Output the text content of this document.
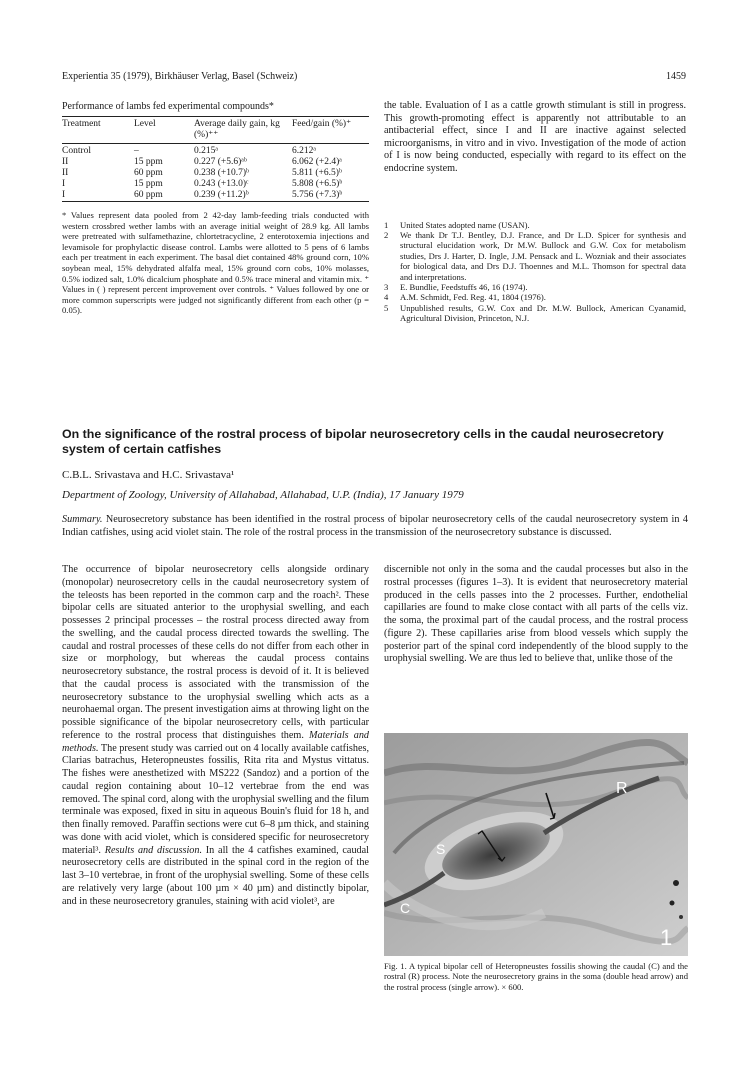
Experientia 35 (1979), Birkhäuser Verlag, Basel (Schweiz)	1459
Performance of lambs fed experimental compounds*
Treatment	Level	Average daily gain, kg (%)⁺⁺	Feed/gain (%)⁺
Control	–	0.215ᵃ	6.212ᵃ
II	15 ppm	0.227 (+5.6)ᵃᵇ	6.062 (+2.4)ᵃ
II	60 ppm	0.238 (+10.7)ᵇ	5.811 (+6.5)ᵇ
I	15 ppm	0.243 (+13.0)ᶜ	5.808 (+6.5)ᵇ
I	60 ppm	0.239 (+11.2)ᵇ	5.756 (+7.3)ᵇ
* Values represent data pooled from 2 42-day lamb-feeding trials conducted with western crossbred wether lambs with an average initial weight of 28.9 kg. All lambs were pretreated with sulfamethazine, chlortetracycline, 2 enterotoxemia injections and levamisole for prophylactic disease control. Lambs were allotted to 5 pens of 6 lambs each per treatment in each experiment. The basal diet contained 48% ground corn, 10% soybean meal, 15% dehydrated alfalfa meal, 15% ground corn cobs, 10% molasses, 0.5% iodized salt, 1.0% dicalcium phosphate and 0.5% trace mineral and vitamin mix. ⁺ Values in ( ) represent percent improvement over controls. ⁺ Values followed by one or more common superscripts were judged not significantly different from each other (p = 0.05).

the table. Evaluation of I as a cattle growth stimulant is still in progress. This growth-promoting effect is apparently not attributable to an antibacterial effect, since I and II are inactive against selected microorganisms, in vitro and in vivo. Investigation of the mode of action of I is now being conducted, especially with regard to its effect on the endocrine system.

1 United States adopted name (USAN).
2 We thank Dr T.J. Bentley, D.J. France, and Dr L.D. Spicer for synthesis and structural elucidation work, Dr M.W. Bullock and G.W. Cox for metabolism studies, Drs J. Harter, D. Ingle, J.M. Pensack and L. Wozniak and their associates for biological data, and Drs D.J. Thoennes and M.L. Thomson for spectral data and interpretations.
3 E. Bundlie, Feedstuffs 46, 16 (1974).
4 A.M. Schmidt, Fed. Reg. 41, 1804 (1976).
5 Unpublished results, G.W. Cox and Dr. M.W. Bullock, American Cyanamid, Agricultural Division, Princeton, N.J.
On the significance of the rostral process of bipolar neurosecretory cells in the caudal neurosecretory system of certain catfishes
C.B.L. Srivastava and H.C. Srivastava¹
Department of Zoology, University of Allahabad, Allahabad, U.P. (India), 17 January 1979
Summary. Neurosecretory substance has been identified in the rostral process of bipolar neurosecretory cells of the caudal neurosecretory system in 4 Indian catfishes, using acid violet stain. The role of the rostral process in the transmission of the neurosecretory substance is discussed.

The occurrence of bipolar neurosecretory cells alongside ordinary (monopolar) neurosecretory cells in the caudal neurosecretory system of the teleosts has been reported in the common carp and the roach². These bipolar cells are situated anterior to the urophysial swelling, and each possesses 2 principal processes – the rostral process directed away from the swelling, and the caudal process directed towards the swelling. The caudal and rostral processes of these cells do not differ from each other in size or morphology, but whereas the caudal process contains neurosecretory substance, the rostral process is devoid of it. It is believed that the caudal process is associated with the transmission of the neurosecretory substance to the urophysial swelling which acts as a neurohaemal organ. The present investigation aims at throwing light on the possible significance of the bipolar neurosecretory cells, with particular reference to the rostral process that distinguishes them. Materials and methods. The present study was carried out on 4 locally available catfishes, Clarias batrachus, Heteropneustes fossilis, Rita rita and Mystus vittatus. The fishes were anesthetized with MS222 (Sandoz) and a portion of the caudal region containing about 10–12 vertebrae from the end was removed. The spinal cord, along with the urophysial swelling and the filum terminale was exposed, fixed in situ in aqueous Bouin's fluid for 18 h, and then finally removed. Paraffin sections were cut 6–8 µm thick, and staining was done with acid violet, which is considered specific for neurosecretory material³. Results and discussion. In all the 4 catfishes examined, caudal neurosecretory cells are distributed in the spinal cord in the region of the last 3–10 vertebrae, in front of the urophysial swelling. Some of these cells are relatively very large (about 100 µm × 40 µm) and distinctly bipolar, and in these neurosecretory granules, staining with acid violet³, are

discernible not only in the soma and the caudal processes but also in the rostral processes (figures 1–3). It is evident that neurosecretory material produced in the cells passes into the 2 processes. Further, endothelial capillaries are found to make close contact with all parts of the cells viz. the soma, the proximal part of the caudal process, and the rostral process (figure 2). These capillaries arise from blood vessels which supply the posterior part of the spinal cord independently of the blood supply to the urophysial swelling. We are thus led to believe that, unlike those of the

R
S
C
1
Fig. 1. A typical bipolar cell of Heteropneustes fossilis showing the caudal (C) and the rostral (R) process. Note the neurosecretory grains in the soma (double head arrow) and the rostral process (single arrow). × 600.
